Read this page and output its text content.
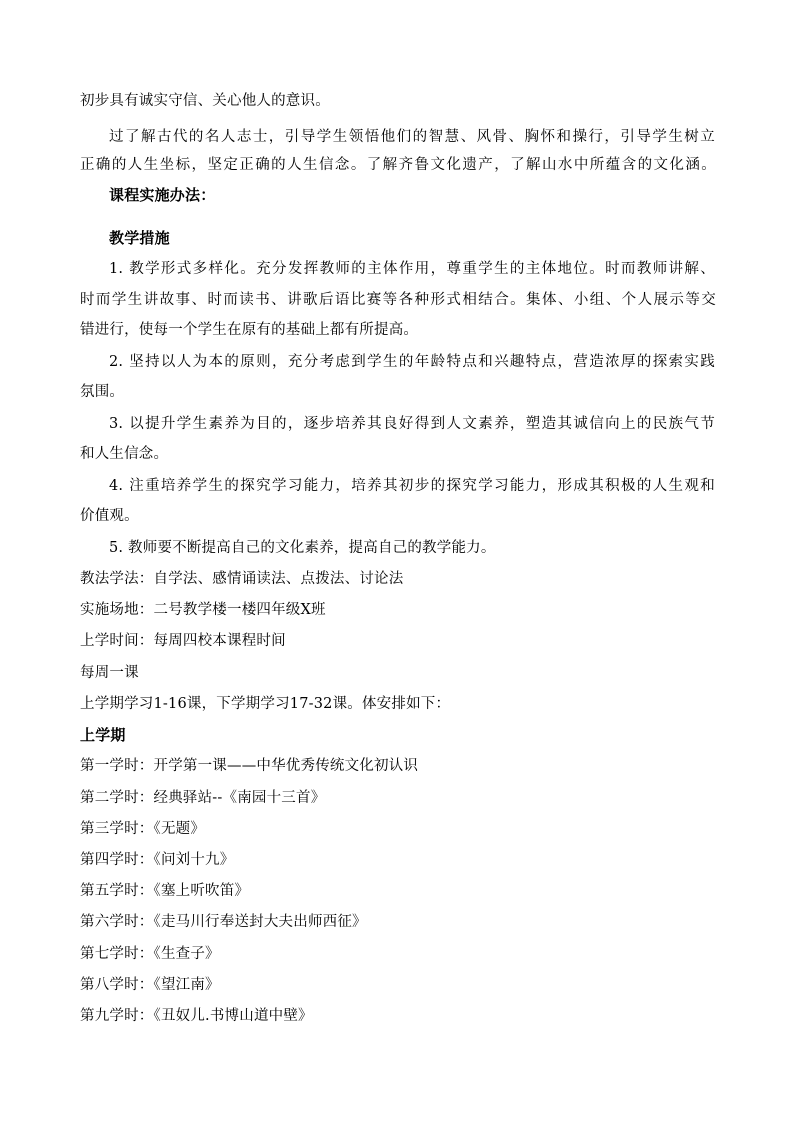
初步具有诚实守信、关心他人的意识。
过了解古代的名人志士，引导学生领悟他们的智慧、风骨、胸怀和操行，引导学生树立
正确的人生坐标，坚定正确的人生信念。了解齐鲁文化遗产，了解山水中所蕴含的文化涵。
课程实施办法：
教学措施
1. 教学形式多样化。充分发挥教师的主体作用，尊重学生的主体地位。时而教师讲解、
时而学生讲故事、时而读书、讲歌后语比赛等各种形式相结合。集体、小组、个人展示等交
错进行，使每一个学生在原有的基础上都有所提高。
2. 坚持以人为本的原则，充分考虑到学生的年龄特点和兴趣特点，营造浓厚的探索实践
氛围。
3. 以提升学生素养为目的，逐步培养其良好得到人文素养，塑造其诚信向上的民族气节
和人生信念。
4. 注重培养学生的探究学习能力，培养其初步的探究学习能力，形成其积极的人生观和
价值观。
5. 教师要不断提高自己的文化素养，提高自己的教学能力。
教法学法：自学法、感情诵读法、点拨法、讨论法
实施场地：二号教学楼一楼四年级X班
上学时间：每周四校本课程时间
每周一课
上学期学习1-16课，下学期学习17-32课。体安排如下：
上学期
第一学时：开学第一课——中华优秀传统文化初认识
第二学时：经典驿站--《南园十三首》
第三学时：《无题》
第四学时：《问刘十九》
第五学时：《塞上听吹笛》
第六学时：《走马川行奉送封大夫出师西征》
第七学时：《生查子》
第八学时：《望江南》
第九学时：《丑奴儿.书博山道中壁》
